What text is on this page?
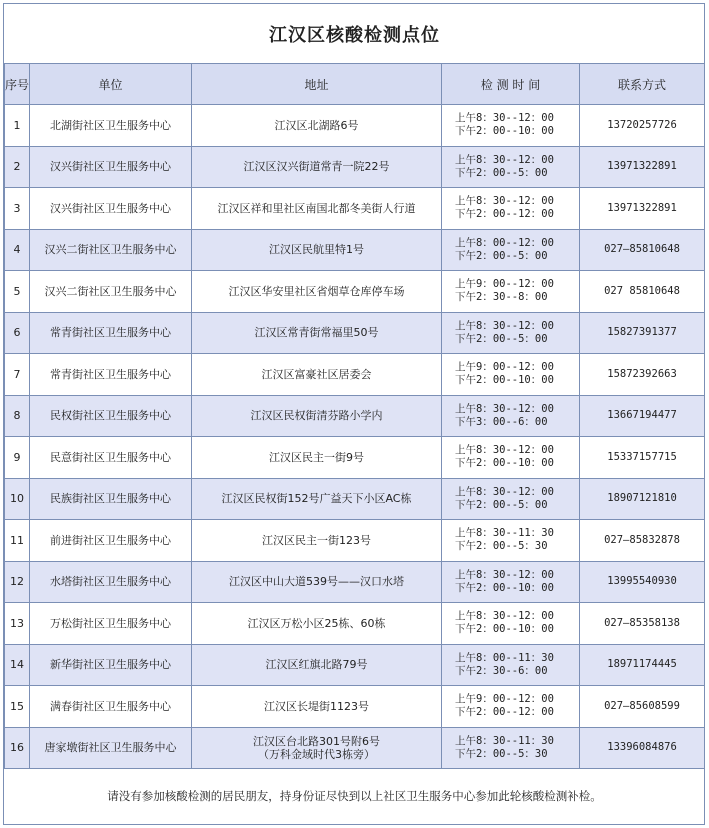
江汉区核酸检测点位				
序号	单位	地址	检 测 时 间	联系方式
1	北湖街社区卫生服务中心	江汉区北湖路6号	上午8：30--12：00
下午2：00--10：00	13720257726
2	汉兴街社区卫生服务中心	江汉区汉兴街道常青一院22号	上午8：30--12：00
下午2：00--5：00	13971322891
3	汉兴街社区卫生服务中心	江汉区祥和里社区南国北都冬美街人行道	上午8：30--12：00
下午2：00--12：00	13971322891
4	汉兴二街社区卫生服务中心	江汉区民航里特1号	上午8：00--12：00
下午2：00--5：00	027—85810648
5	汉兴二街社区卫生服务中心	江汉区华安里社区省烟草仓库停车场	上午9：00--12：00
下午2：30--8：00	027 85810648
6	常青街社区卫生服务中心	江汉区常青街常福里50号	上午8：30--12：00
下午2：00--5：00	15827391377
7	常青街社区卫生服务中心	江汉区富豪社区居委会	上午9：00--12：00
下午2：00--10：00	15872392663
8	民权街社区卫生服务中心	江汉区民权街清芬路小学内	上午8：30--12：00
下午3：00--6：00	13667194477
9	民意街社区卫生服务中心	江汉区民主一街9号	上午8：30--12：00
下午2：00--10：00	15337157715
10	民族街社区卫生服务中心	江汉区民权街152号广益天下小区AC栋	上午8：30--12：00
下午2：00--5：00	18907121810
11	前进街社区卫生服务中心	江汉区民主一街123号	上午8：30--11：30
下午2：00--5：30	027—85832878
12	水塔街社区卫生服务中心	江汉区中山大道539号——汉口水塔	上午8：30--12：00
下午2：00--10：00	13995540930
13	万松街社区卫生服务中心	江汉区万松小区25栋、60栋	上午8：30--12：00
下午2：00--10：00	027—85358138
14	新华街社区卫生服务中心	江汉区红旗北路79号	上午8：00--11：30
下午2：30--6：00	18971174445
15	满春街社区卫生服务中心	江汉区长堤街1123号	上午9：00--12：00
下午2：00--12：00	027—85608599
16	唐家墩街社区卫生服务中心	江汉区台北路301号附6号
（万科金域时代3栋旁）	上午8：30--11：30
下午2：00--5：30	13396084876
请没有参加核酸检测的居民朋友，持身份证尽快到以上社区卫生服务中心参加此轮核酸检测补检。				
